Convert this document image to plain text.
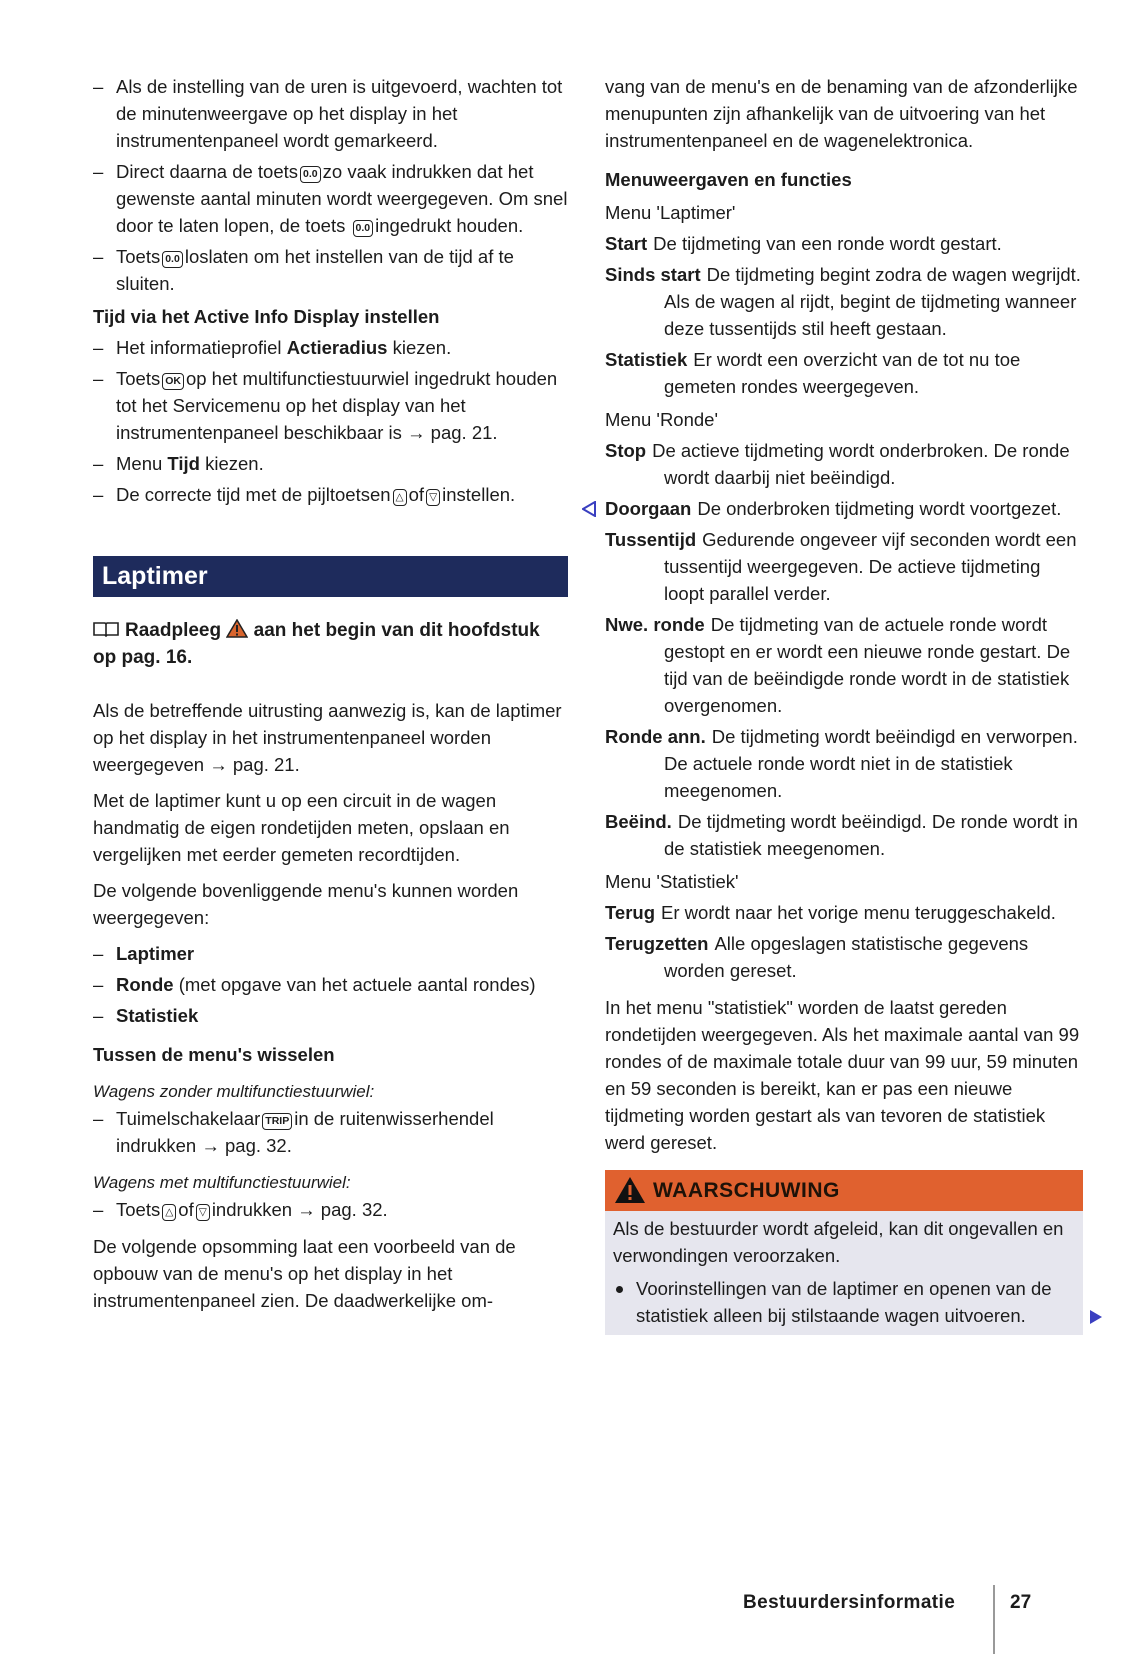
– Als de instelling van de uren is uitgevoerd, wachten tot de minutenweergave op het display in het instrumentenpaneel wordt gemarkeerd.
– Direct daarna de toets 0.0 zo vaak indrukken dat het gewenste aantal minuten wordt weergegeven. Om snel door te laten lopen, de toets 0.0 ingedrukt houden.
– Toets 0.0 loslaten om het instellen van de tijd af te sluiten.
Tijd via het Active Info Display instellen
– Het informatieprofiel Actieradius kiezen.
– Toets OK op het multifunctiestuurwiel ingedrukt houden tot het Servicemenu op het display van het instrumentenpaneel beschikbaar is → pag. 21.
– Menu Tijd kiezen.
– De correcte tijd met de pijltoetsen △ of ▽ instellen.
Laptimer
Raadpleeg aan het begin van dit hoofdstuk op pag. 16.
Als de betreffende uitrusting aanwezig is, kan de laptimer op het display in het instrumentenpaneel worden weergegeven → pag. 21.
Met de laptimer kunt u op een circuit in de wagen handmatig de eigen rondetijden meten, opslaan en vergelijken met eerder gemeten recordtijden.
De volgende bovenliggende menu's kunnen worden weergegeven:
– Laptimer
– Ronde (met opgave van het actuele aantal rondes)
– Statistiek
Tussen de menu's wisselen
Wagens zonder multifunctiestuurwiel:
– Tuimelschakelaar TRIP in de ruitenwisserhendel indrukken → pag. 32.
Wagens met multifunctiestuurwiel:
– Toets △ of ▽ indrukken → pag. 32.
De volgende opsomming laat een voorbeeld van de opbouw van de menu's op het display in het instrumentenpaneel zien. De daadwerkelijke om-
vang van de menu's en de benaming van de afzonderlijke menupunten zijn afhankelijk van de uitvoering van het instrumentenpaneel en de wagenelektronica.
Menuweergaven en functies
Menu 'Laptimer'
Start De tijdmeting van een ronde wordt gestart.
Sinds start De tijdmeting begint zodra de wagen wegrijdt. Als de wagen al rijdt, begint de tijdmeting wanneer deze tussentijds stil heeft gestaan.
Statistiek Er wordt een overzicht van de tot nu toe gemeten rondes weergegeven.
Menu 'Ronde'
Stop De actieve tijdmeting wordt onderbroken. De ronde wordt daarbij niet beëindigd.
Doorgaan De onderbroken tijdmeting wordt voortgezet.
Tussentijd Gedurende ongeveer vijf seconden wordt een tussentijd weergegeven. De actieve tijdmeting loopt parallel verder.
Nwe. ronde De tijdmeting van de actuele ronde wordt gestopt en er wordt een nieuwe ronde gestart. De tijd van de beëindigde ronde wordt in de statistiek overgenomen.
Ronde ann. De tijdmeting wordt beëindigd en verworpen. De actuele ronde wordt niet in de statistiek meegenomen.
Beëind. De tijdmeting wordt beëindigd. De ronde wordt in de statistiek meegenomen.
Menu 'Statistiek'
Terug Er wordt naar het vorige menu teruggeschakeld.
Terugzetten Alle opgeslagen statistische gegevens worden gereset.
In het menu "statistiek" worden de laatst gereden rondetijden weergegeven. Als het maximale aantal van 99 rondes of de maximale totale duur van 99 uur, 59 minuten en 59 seconden is bereikt, kan er pas een nieuwe tijdmeting worden gestart als van tevoren de statistiek werd gereset.
WAARSCHUWING
Als de bestuurder wordt afgeleid, kan dit ongevallen en verwondingen veroorzaken.
Voorinstellingen van de laptimer en openen van de statistiek alleen bij stilstaande wagen uitvoeren.
Bestuurdersinformatie	27
